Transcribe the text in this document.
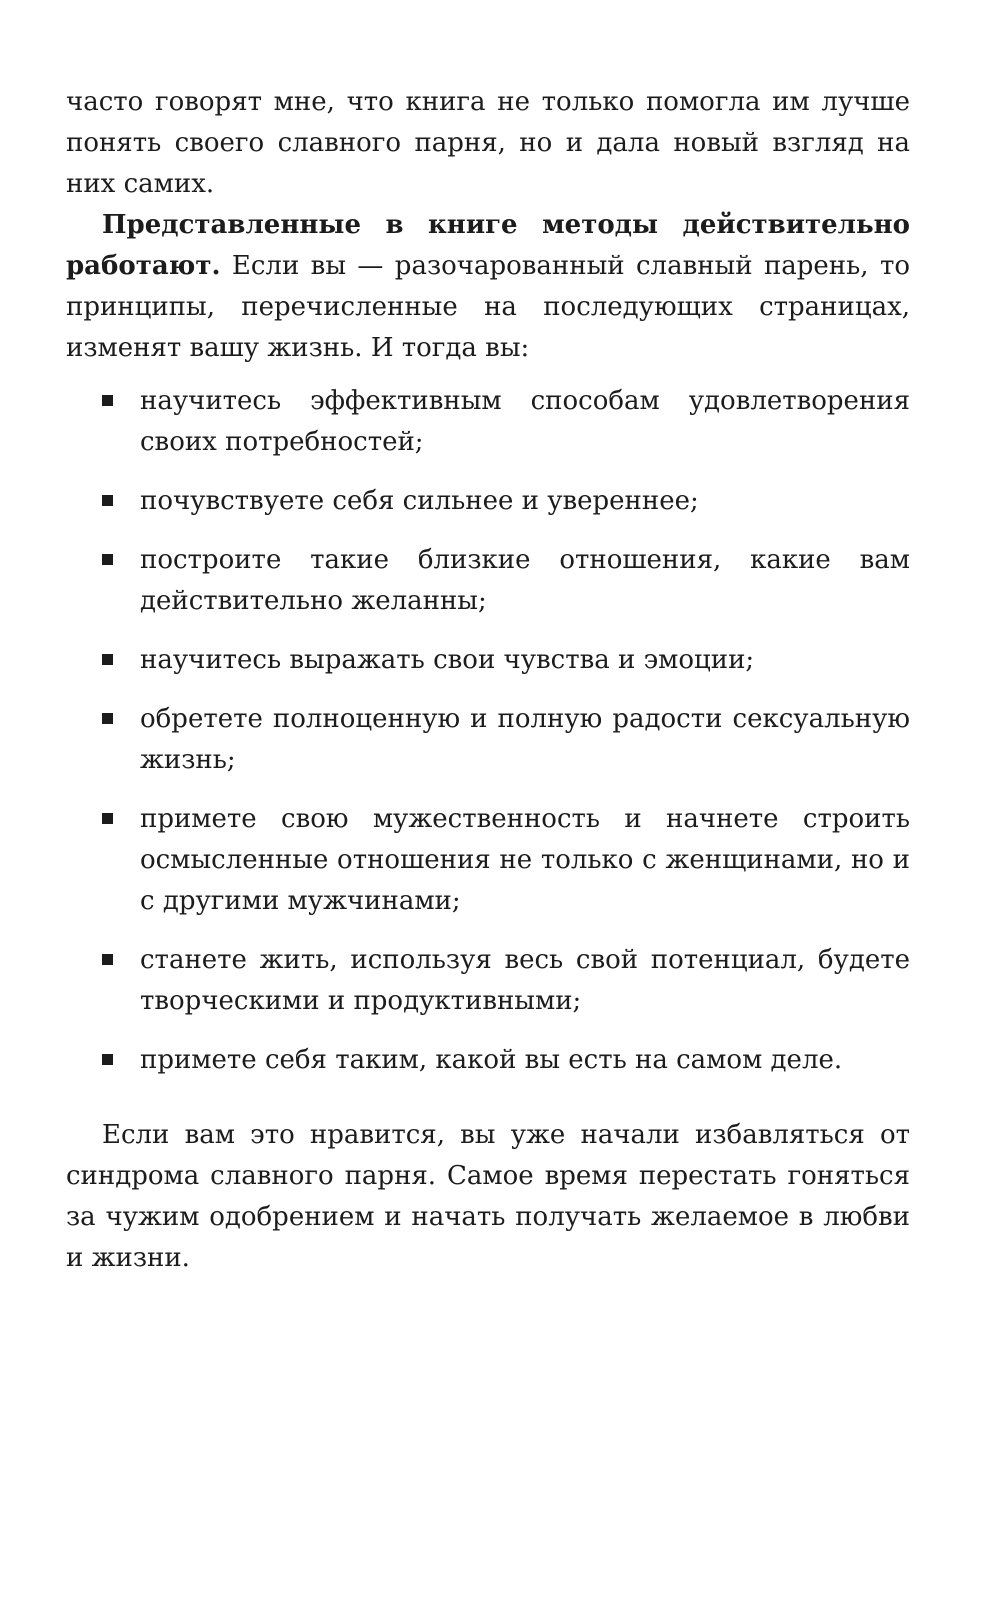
часто говорят мне, что книга не только помогла им лучше понять своего славного парня, но и дала новый взгляд на них самих.

Представленные в книге методы действительно работают. Если вы — разочарованный славный парень, то принципы, перечисленные на последующих страницах, изменят вашу жизнь. И тогда вы:

научитесь эффективным способам удовлетворения своих потребностей;
почувствуете себя сильнее и увереннее;
построите такие близкие отношения, какие вам действительно желанны;
научитесь выражать свои чувства и эмоции;
обретете полноценную и полную радости сексуальную жизнь;
примете свою мужественность и начнете строить осмысленные отношения не только с женщинами, но и с другими мужчинами;
станете жить, используя весь свой потенциал, будете творческими и продуктивными;
примете себя таким, какой вы есть на самом деле.

Если вам это нравится, вы уже начали избавляться от синдрома славного парня. Самое время перестать гоняться за чужим одобрением и начать получать желаемое в любви и жизни.
